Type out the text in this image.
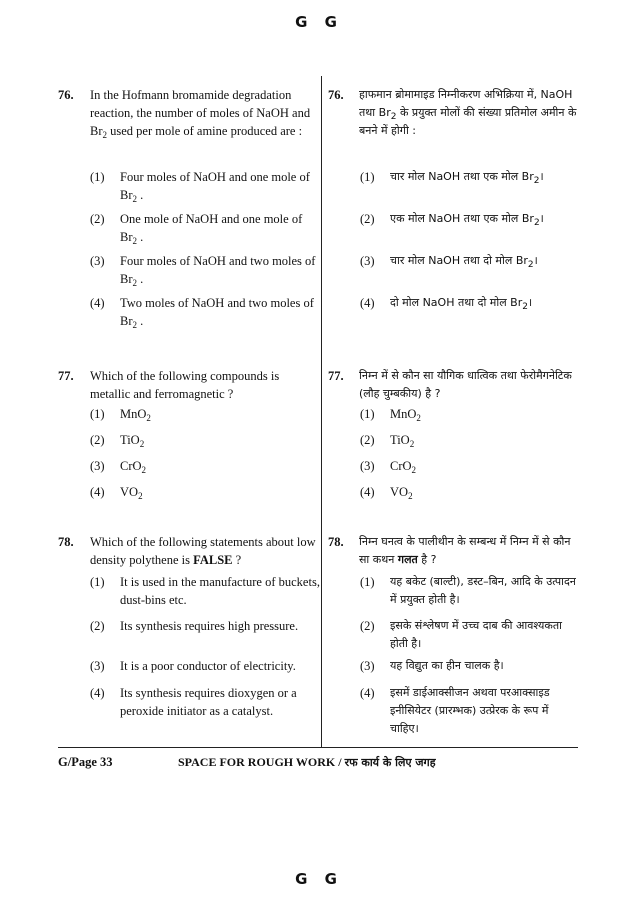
G G
76. In the Hofmann bromamide degradation reaction, the number of moles of NaOH and $Br_2$ used per mole of amine produced are :
(1) Four moles of NaOH and one mole of $Br_2$ .
(2) One mole of NaOH and one mole of $Br_2$ .
(3) Four moles of NaOH and two moles of $Br_2$ .
(4) Two moles of NaOH and two moles of $Br_2$ .
76. हाफमान ब्रोमामाइड निम्नीकरण अभिक्रिया में, NaOH तथा $Br_2$ के प्रयुक्त मोलों की संख्या प्रतिमोल अमीन के बनने में होगी :
(1) चार मोल NaOH तथा एक मोल $Br_2।$
(2) एक मोल NaOH तथा एक मोल $Br_2।$
(3) चार मोल NaOH तथा दो मोल $Br_2।$
(4) दो मोल NaOH तथा दो मोल $Br_2।$
77. Which of the following compounds is metallic and ferromagnetic ?
(1) MnO$_2$
(2) TiO$_2$
(3) CrO$_2$
(4) $VO_2$
77. निम्न में से कौन सा यौगिक धात्विक तथा फेरोमैगनेटिक (लौह चुम्बकीय) है ?
(1) MnO$_2$
(2) TiO$_2$
(3) CrO$_2$
(4) $VO_2$
78. Which of the following statements about low density polythene is FALSE ?
(1) It is used in the manufacture of buckets, dust-bins etc.
(2) Its synthesis requires high pressure.
(3) It is a poor conductor of electricity.
(4) Its synthesis requires dioxygen or a peroxide initiator as a catalyst.
78. निम्न घनत्व के पालीथीन के सम्बन्ध में निम्न में से कौन सा कथन गलत है ?
(1) यह बकेट (बाल्टी), डस्ट–बिन, आदि के उत्पादन में प्रयुक्त होती है।
(2) इसके संश्लेषण में उच्च दाब की आवश्यकता होती है।
(3) यह विद्युत का हीन चालक है।
(4) इसमें डाईआक्सीजन अथवा परआक्साइड इनीसियेटर (प्रारम्भक) उत्प्रेरक के रूप में चाहिए।
G/Page 33	SPACE FOR ROUGH WORK / रफ कार्य के लिए जगह
G G
